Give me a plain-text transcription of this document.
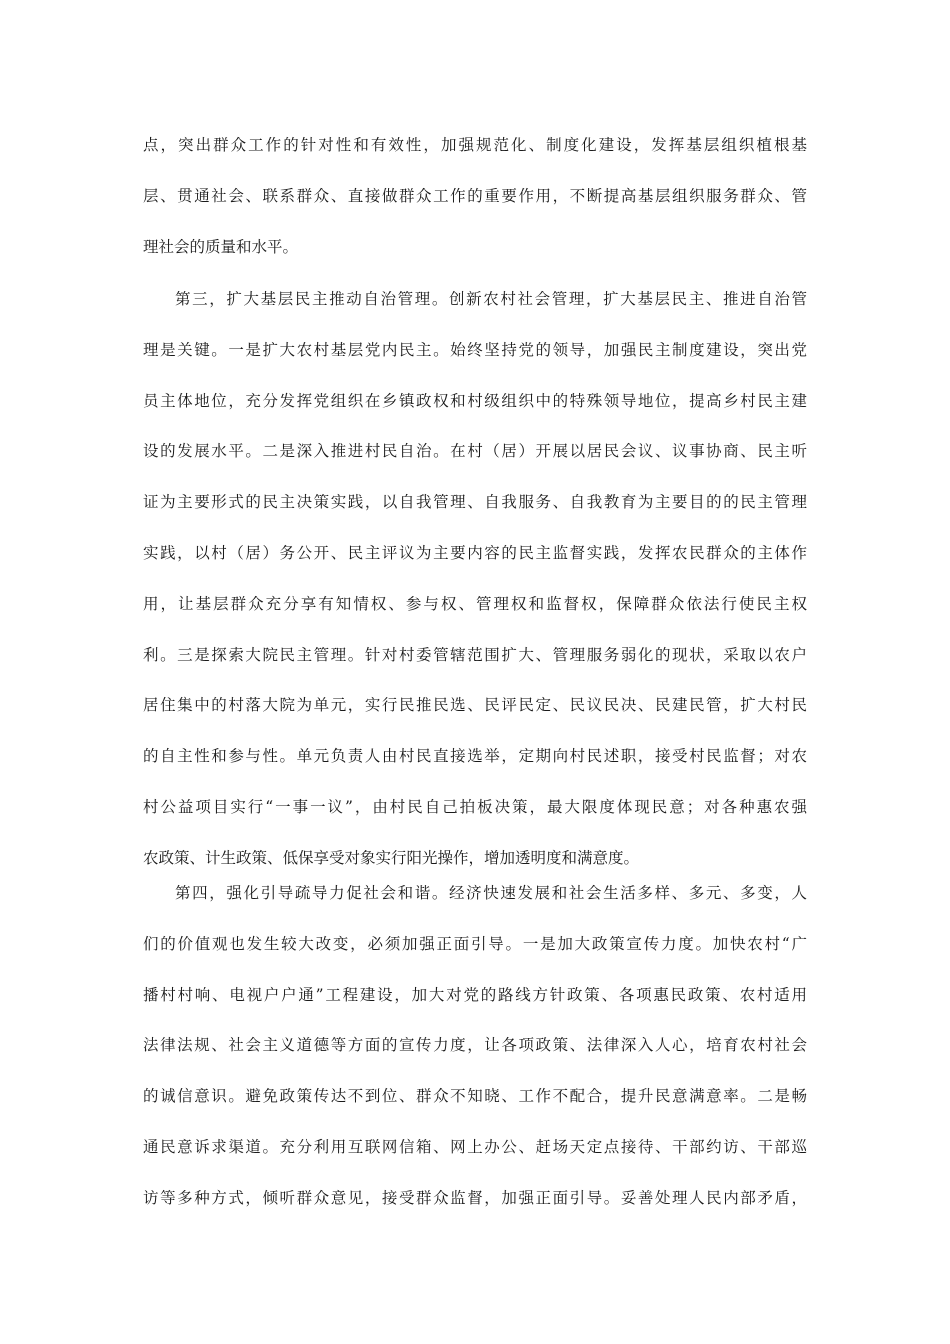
点，突出群众工作的针对性和有效性，加强规范化、制度化建设，发挥基层组织植根基
层、贯通社会、联系群众、直接做群众工作的重要作用，不断提高基层组织服务群众、管
理社会的质量和水平。
第三，扩大基层民主推动自治管理。创新农村社会管理，扩大基层民主、推进自治管
理是关键。一是扩大农村基层党内民主。始终坚持党的领导，加强民主制度建设，突出党
员主体地位，充分发挥党组织在乡镇政权和村级组织中的特殊领导地位，提高乡村民主建
设的发展水平。二是深入推进村民自治。在村（居）开展以居民会议、议事协商、民主听
证为主要形式的民主决策实践，以自我管理、自我服务、自我教育为主要目的的民主管理
实践，以村（居）务公开、民主评议为主要内容的民主监督实践，发挥农民群众的主体作
用，让基层群众充分享有知情权、参与权、管理权和监督权，保障群众依法行使民主权
利。三是探索大院民主管理。针对村委管辖范围扩大、管理服务弱化的现状，采取以农户
居住集中的村落大院为单元，实行民推民选、民评民定、民议民决、民建民管，扩大村民
的自主性和参与性。单元负责人由村民直接选举，定期向村民述职，接受村民监督；对农
村公益项目实行“一事一议”，由村民自己拍板决策，最大限度体现民意；对各种惠农强
农政策、计生政策、低保享受对象实行阳光操作，增加透明度和满意度。
第四，强化引导疏导力促社会和谐。经济快速发展和社会生活多样、多元、多变，人
们的价值观也发生较大改变，必须加强正面引导。一是加大政策宣传力度。加快农村“广
播村村响、电视户户通”工程建设，加大对党的路线方针政策、各项惠民政策、农村适用
法律法规、社会主义道德等方面的宣传力度，让各项政策、法律深入人心，培育农村社会
的诚信意识。避免政策传达不到位、群众不知晓、工作不配合，提升民意满意率。二是畅
通民意诉求渠道。充分利用互联网信箱、网上办公、赶场天定点接待、干部约访、干部巡
访等多种方式，倾听群众意见，接受群众监督，加强正面引导。妥善处理人民内部矛盾，
